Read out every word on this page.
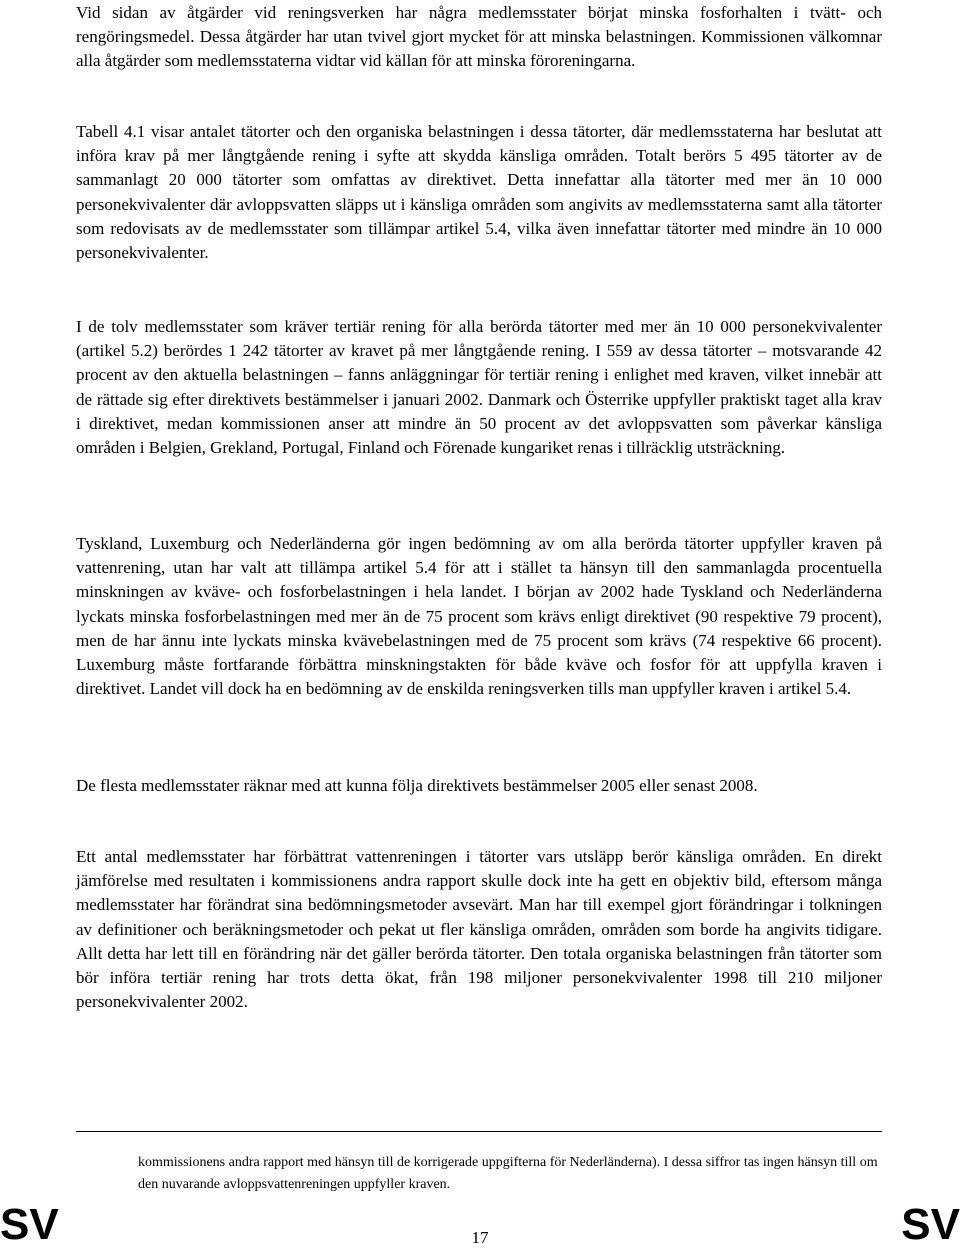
Vid sidan av åtgärder vid reningsverken har några medlemsstater börjat minska fosforhalten i tvätt- och rengöringsmedel. Dessa åtgärder har utan tvivel gjort mycket för att minska belastningen. Kommissionen välkomnar alla åtgärder som medlemsstaterna vidtar vid källan för att minska föroreningarna.

Tabell 4.1 visar antalet tätorter och den organiska belastningen i dessa tätorter, där medlemsstaterna har beslutat att införa krav på mer långtgående rening i syfte att skydda känsliga områden. Totalt berörs 5 495 tätorter av de sammanlagt 20 000 tätorter som omfattas av direktivet. Detta innefattar alla tätorter med mer än 10 000 personekvivalenter där avloppsvatten släpps ut i känsliga områden som angivits av medlemsstaterna samt alla tätorter som redovisats av de medlemsstater som tillämpar artikel 5.4, vilka även innefattar tätorter med mindre än 10 000 personekvivalenter.

I de tolv medlemsstater som kräver tertiär rening för alla berörda tätorter med mer än 10 000 personekvivalenter (artikel 5.2) berördes 1 242 tätorter av kravet på mer långtgående rening. I 559 av dessa tätorter – motsvarande 42 procent av den aktuella belastningen – fanns anläggningar för tertiär rening i enlighet med kraven, vilket innebär att de rättade sig efter direktivets bestämmelser i januari 2002. Danmark och Österrike uppfyller praktiskt taget alla krav i direktivet, medan kommissionen anser att mindre än 50 procent av det avloppsvatten som påverkar känsliga områden i Belgien, Grekland, Portugal, Finland och Förenade kungariket renas i tillräcklig utsträckning.

Tyskland, Luxemburg och Nederländerna gör ingen bedömning av om alla berörda tätorter uppfyller kraven på vattenrening, utan har valt att tillämpa artikel 5.4 för att i stället ta hänsyn till den sammanlagda procentuella minskningen av kväve- och fosforbelastningen i hela landet. I början av 2002 hade Tyskland och Nederländerna lyckats minska fosforbelastningen med mer än de 75 procent som krävs enligt direktivet (90 respektive 79 procent), men de har ännu inte lyckats minska kvävebelastningen med de 75 procent som krävs (74 respektive 66 procent). Luxemburg måste fortfarande förbättra minskningstakten för både kväve och fosfor för att uppfylla kraven i direktivet. Landet vill dock ha en bedömning av de enskilda reningsverken tills man uppfyller kraven i artikel 5.4.

De flesta medlemsstater räknar med att kunna följa direktivets bestämmelser 2005 eller senast 2008.

Ett antal medlemsstater har förbättrat vattenreningen i tätorter vars utsläpp berör känsliga områden. En direkt jämförelse med resultaten i kommissionens andra rapport skulle dock inte ha gett en objektiv bild, eftersom många medlemsstater har förändrat sina bedömningsmetoder avsevärt. Man har till exempel gjort förändringar i tolkningen av definitioner och beräkningsmetoder och pekat ut fler känsliga områden, områden som borde ha angivits tidigare. Allt detta har lett till en förändring när det gäller berörda tätorter. Den totala organiska belastningen från tätorter som bör införa tertiär rening har trots detta ökat, från 198 miljoner personekvivalenter 1998 till 210 miljoner personekvivalenter 2002.

kommissionens andra rapport med hänsyn till de korrigerade uppgifterna för Nederländerna). I dessa siffror tas ingen hänsyn till om den nuvarande avloppsvattenreningen uppfyller kraven.

SV	17	SV
